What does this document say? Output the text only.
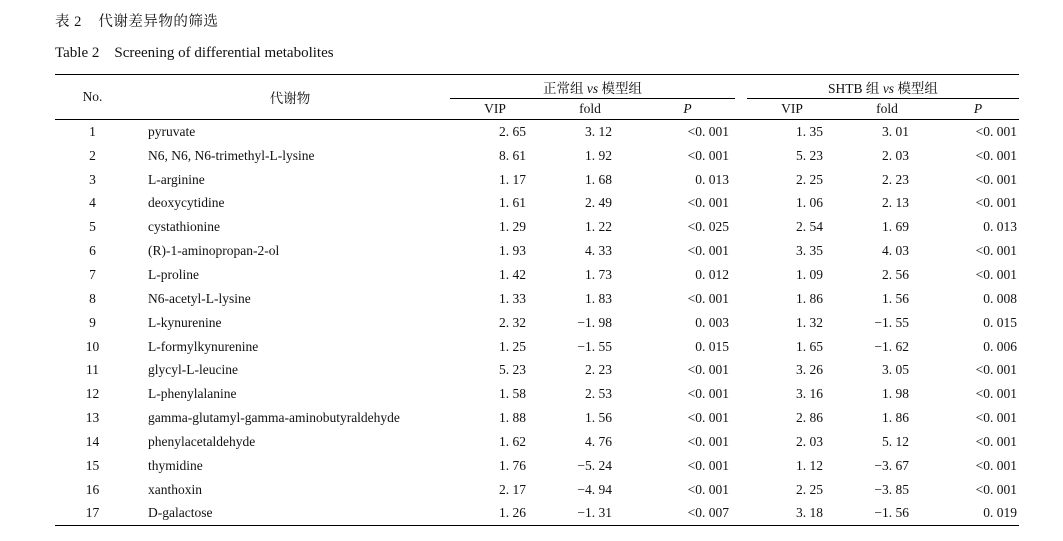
表 2 代谢差异物的筛选
Table 2 Screening of differential metabolites
No.	代谢物	正常组 vs 模型组				SHTB 组 vs 模型组		
		VIP	fold	P		VIP	fold	P
1	pyruvate	2. 65	3. 12	<0. 001		1. 35	3. 01	<0. 001
2	N6, N6, N6-trimethyl-L-lysine	8. 61	1. 92	<0. 001		5. 23	2. 03	<0. 001
3	L-arginine	1. 17	1. 68	0. 013		2. 25	2. 23	<0. 001
4	deoxycytidine	1. 61	2. 49	<0. 001		1. 06	2. 13	<0. 001
5	cystathionine	1. 29	1. 22	<0. 025		2. 54	1. 69	0. 013
6	(R)-1-aminopropan-2-ol	1. 93	4. 33	<0. 001		3. 35	4. 03	<0. 001
7	L-proline	1. 42	1. 73	0. 012		1. 09	2. 56	<0. 001
8	N6-acetyl-L-lysine	1. 33	1. 83	<0. 001		1. 86	1. 56	0. 008
9	L-kynurenine	2. 32	−1. 98	0. 003		1. 32	−1. 55	0. 015
10	L-formylkynurenine	1. 25	−1. 55	0. 015		1. 65	−1. 62	0. 006
11	glycyl-L-leucine	5. 23	2. 23	<0. 001		3. 26	3. 05	<0. 001
12	L-phenylalanine	1. 58	2. 53	<0. 001		3. 16	1. 98	<0. 001
13	gamma-glutamyl-gamma-aminobutyraldehyde	1. 88	1. 56	<0. 001		2. 86	1. 86	<0. 001
14	phenylacetaldehyde	1. 62	4. 76	<0. 001		2. 03	5. 12	<0. 001
15	thymidine	1. 76	−5. 24	<0. 001		1. 12	−3. 67	<0. 001
16	xanthoxin	2. 17	−4. 94	<0. 001		2. 25	−3. 85	<0. 001
17	D-galactose	1. 26	−1. 31	<0. 007		3. 18	−1. 56	0. 019
